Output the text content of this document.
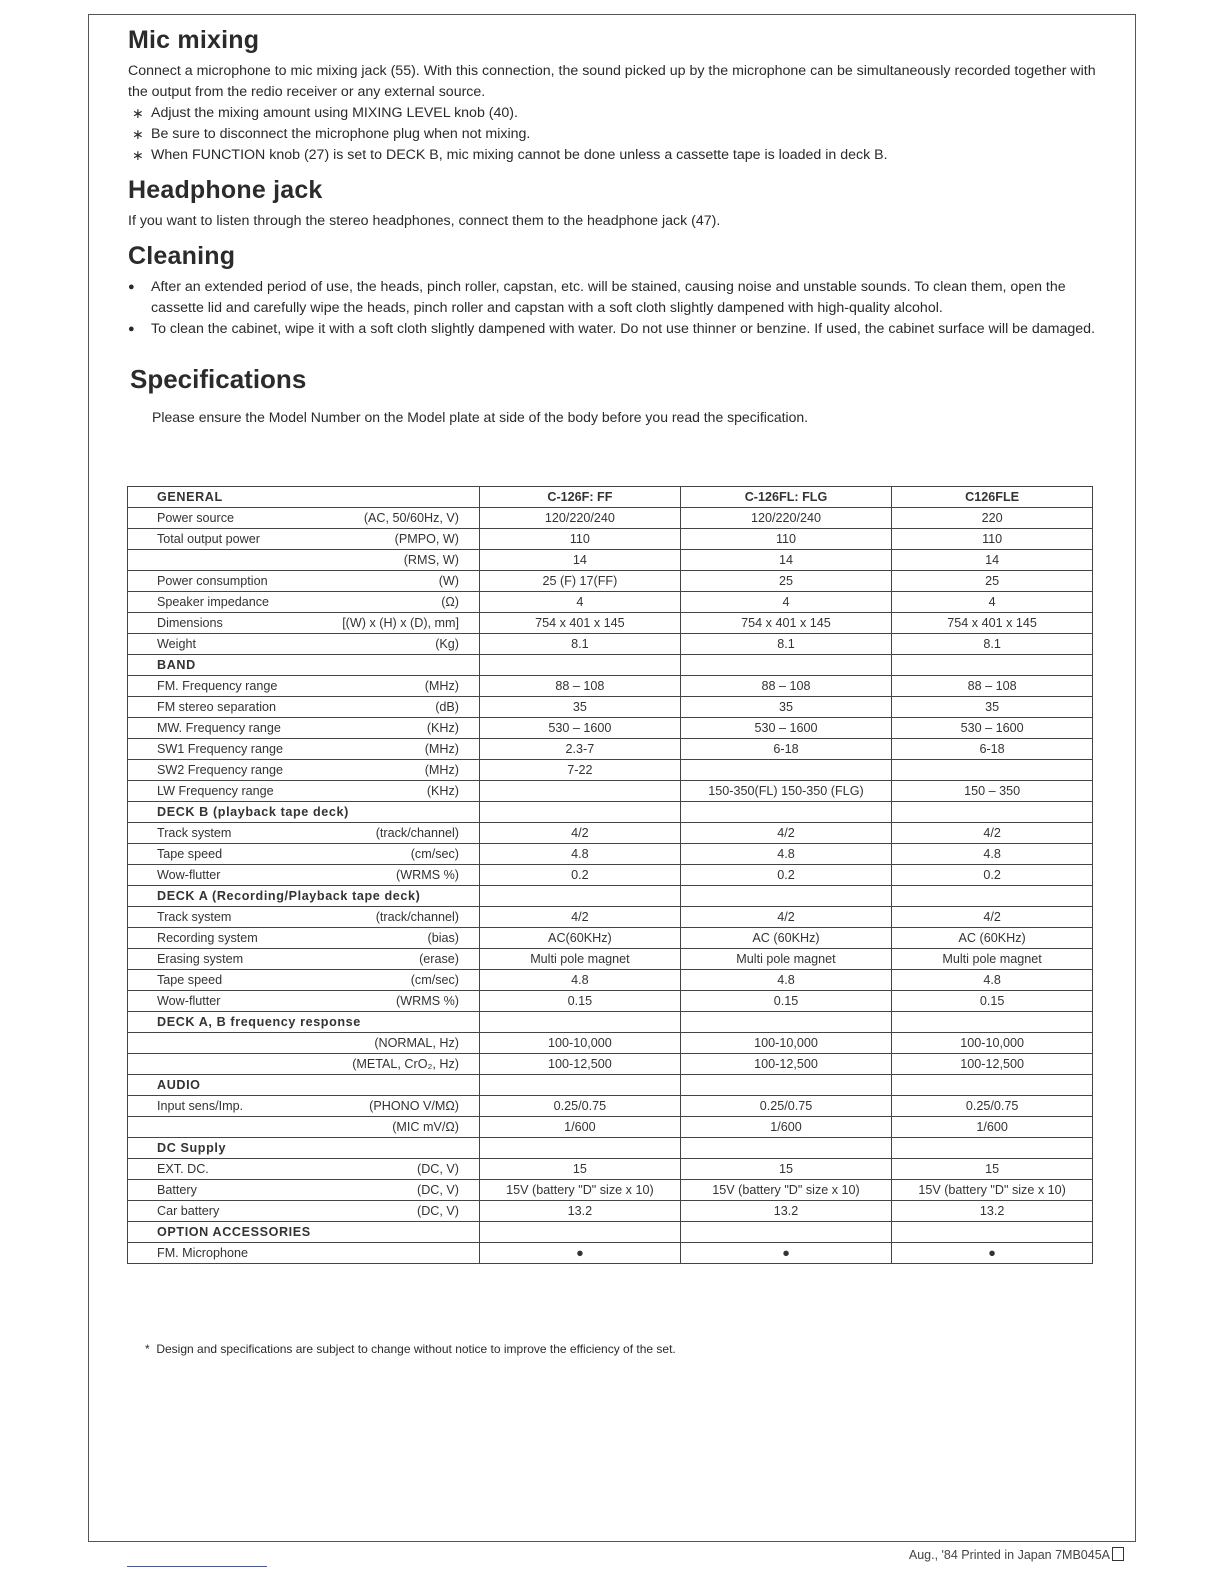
Mic mixing

Connect a microphone to mic mixing jack (55). With this connection, the sound picked up by the microphone can be simultaneously recorded together with the output from the redio receiver or any external source.

∗ Adjust the mixing amount using MIXING LEVEL knob (40).
∗ Be sure to disconnect the microphone plug when not mixing.
∗ When FUNCTION knob (27) is set to DECK B, mic mixing cannot be done unless a cassette tape is loaded in deck B.
Headphone jack

If you want to listen through the stereo headphones, connect them to the headphone jack (47).

Cleaning
● After an extended period of use, the heads, pinch roller, capstan, etc. will be stained, causing noise and unstable sounds. To clean them, open the cassette lid and carefully wipe the heads, pinch roller and capstan with a soft cloth slightly dampened with high-quality alcohol.
● To clean the cabinet, wipe it with a soft cloth slightly dampened with water. Do not use thinner or benzine. If used, the cabinet surface will be damaged.
Specifications
Please ensure the Model Number on the Model plate at side of the body before you read the specification.
GENERAL	C-126F: FF	C-126FL: FLG	C126FLE

Power source (AC, 50/60Hz, V)	120/220/240	120/220/240	220

Total output power (PMPO, W)	110	110	110

(RMS, W)	14	14	14

Power consumption (W)	25 (F) 17(FF)	25	25

Speaker impedance (Ω)	4	4	4

Dimensions [(W) x (H) x (D), mm]	754 x 401 x 145	754 x 401 x 145	754 x 401 x 145

Weight (Kg)	8.1	8.1	8.1
BAND			

FM. Frequency range (MHz)	88 – 108	88 – 108	88 – 108

FM stereo separation (dB)	35	35	35

MW. Frequency range (KHz)	530 – 1600	530 – 1600	530 – 1600

SW1 Frequency range (MHz)	2.3-7	6-18	6-18

SW2 Frequency range (MHz)	7-22		

LW Frequency range (KHz)		150-350(FL) 150-350 (FLG)	150 – 350
DECK B (playback tape deck)			

Track system (track/channel)	4/2	4/2	4/2

Tape speed (cm/sec)	4.8	4.8	4.8

Wow-flutter (WRMS %)	0.2	0.2	0.2
DECK A (Recording/Playback tape deck)			

Track system (track/channel)	4/2	4/2	4/2

Recording system (bias)	AC(60KHz)	AC (60KHz)	AC (60KHz)

Erasing system (erase)	Multi pole magnet	Multi pole magnet	Multi pole magnet

Tape speed (cm/sec)	4.8	4.8	4.8

Wow-flutter (WRMS %)	0.15	0.15	0.15
DECK A, B frequency response			

(NORMAL, Hz)	100-10,000	100-10,000	100-10,000

(METAL, CrO₂, Hz)	100-12,500	100-12,500	100-12,500
AUDIO			

Input sens/Imp. (PHONO V/MΩ)	0.25/0.75	0.25/0.75	0.25/0.75

(MIC mV/Ω)	1/600	1/600	1/600
DC Supply			

EXT. DC. (DC, V)	15	15	15

Battery (DC, V)	15V (battery "D" size x 10)	15V (battery "D" size x 10)	15V (battery "D" size x 10)

Car battery (DC, V)	13.2	13.2	13.2
OPTION ACCESSORIES			

FM. Microphone	●	●	●
*  Design and specifications are subject to change without notice to improve the efficiency of the set.
Aug., '84 Printed in Japan 7MB045A
